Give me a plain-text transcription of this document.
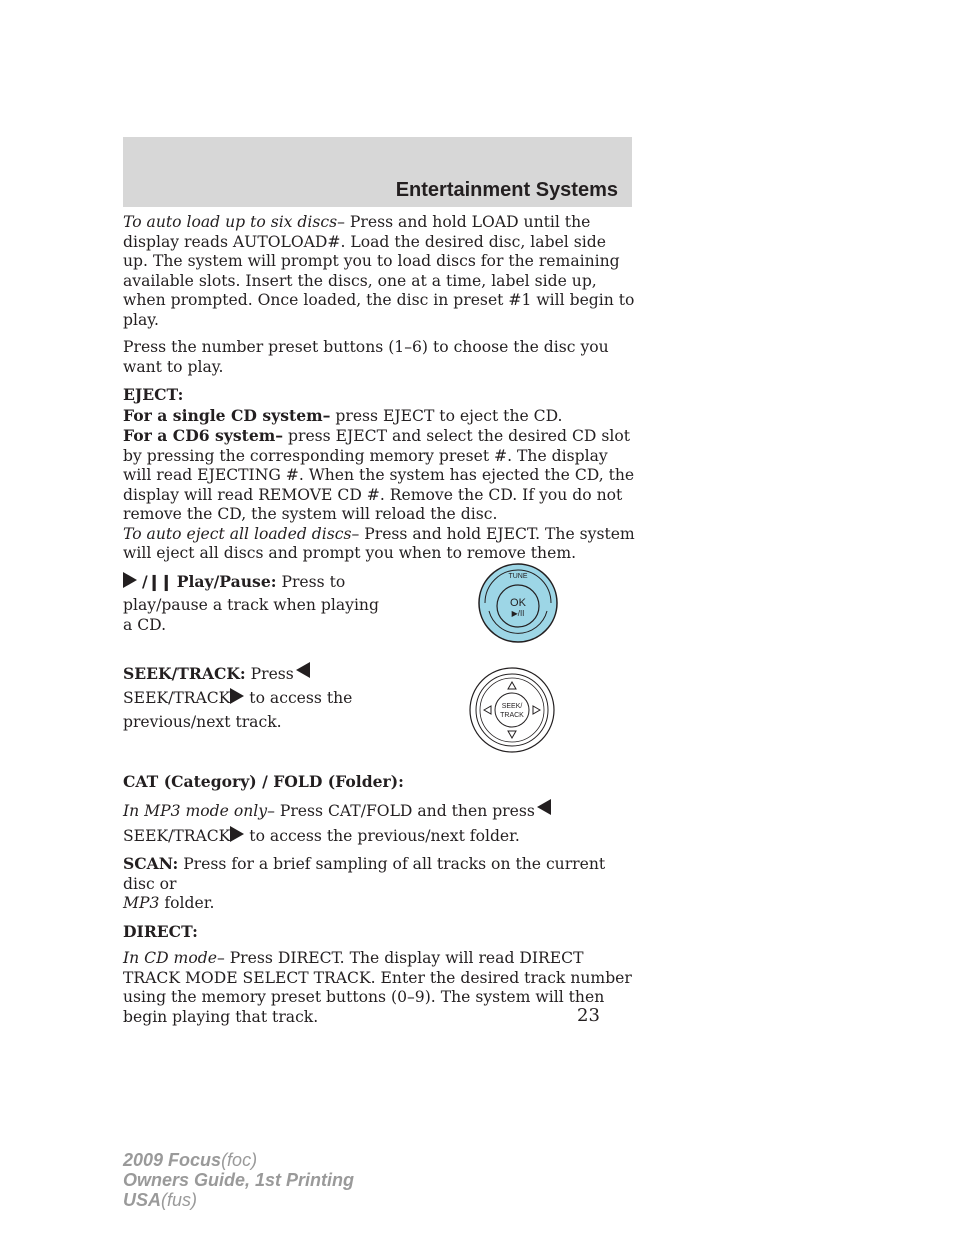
Entertainment Systems

To auto load up to six discs– Press and hold LOAD until the display reads AUTOLOAD#. Load the desired disc, label side up. The system will prompt you to load discs for the remaining available slots. Insert the discs, one at a time, label side up, when prompted. Once loaded, the disc in preset #1 will begin to play.

Press the number preset buttons (1–6) to choose the disc you want to play.

EJECT:
For a single CD system– press EJECT to eject the CD.
For a CD6 system– press EJECT and select the desired CD slot by pressing the corresponding memory preset #. The display will read EJECTING #. When the system has ejected the CD, the display will read REMOVE CD #. Remove the CD. If you do not remove the CD, the system will reload the disc.
To auto eject all loaded discs– Press and hold EJECT. The system will eject all discs and prompt you when to remove them.

/❙❙ Play/Pause: Press to

play/pause a track when playing a CD.

TUNE
OK
▶/II

SEEK/TRACK: Press

SEEK/TRACK to access the

previous/next track.

SEEK/
TRACK

CAT (Category) / FOLD (Folder):

In MP3 mode only– Press CAT/FOLD and then press

SEEK/TRACK to access the previous/next folder.

SCAN: Press for a brief sampling of all tracks on the current disc or
MP3 folder.

DIRECT:

In CD mode– Press DIRECT. The display will read DIRECT TRACK MODE SELECT TRACK. Enter the desired track number using the memory preset buttons (0–9). The system will then begin playing that track.	23
2009 Focus(foc)
Owners Guide, 1st Printing
USA(fus)
